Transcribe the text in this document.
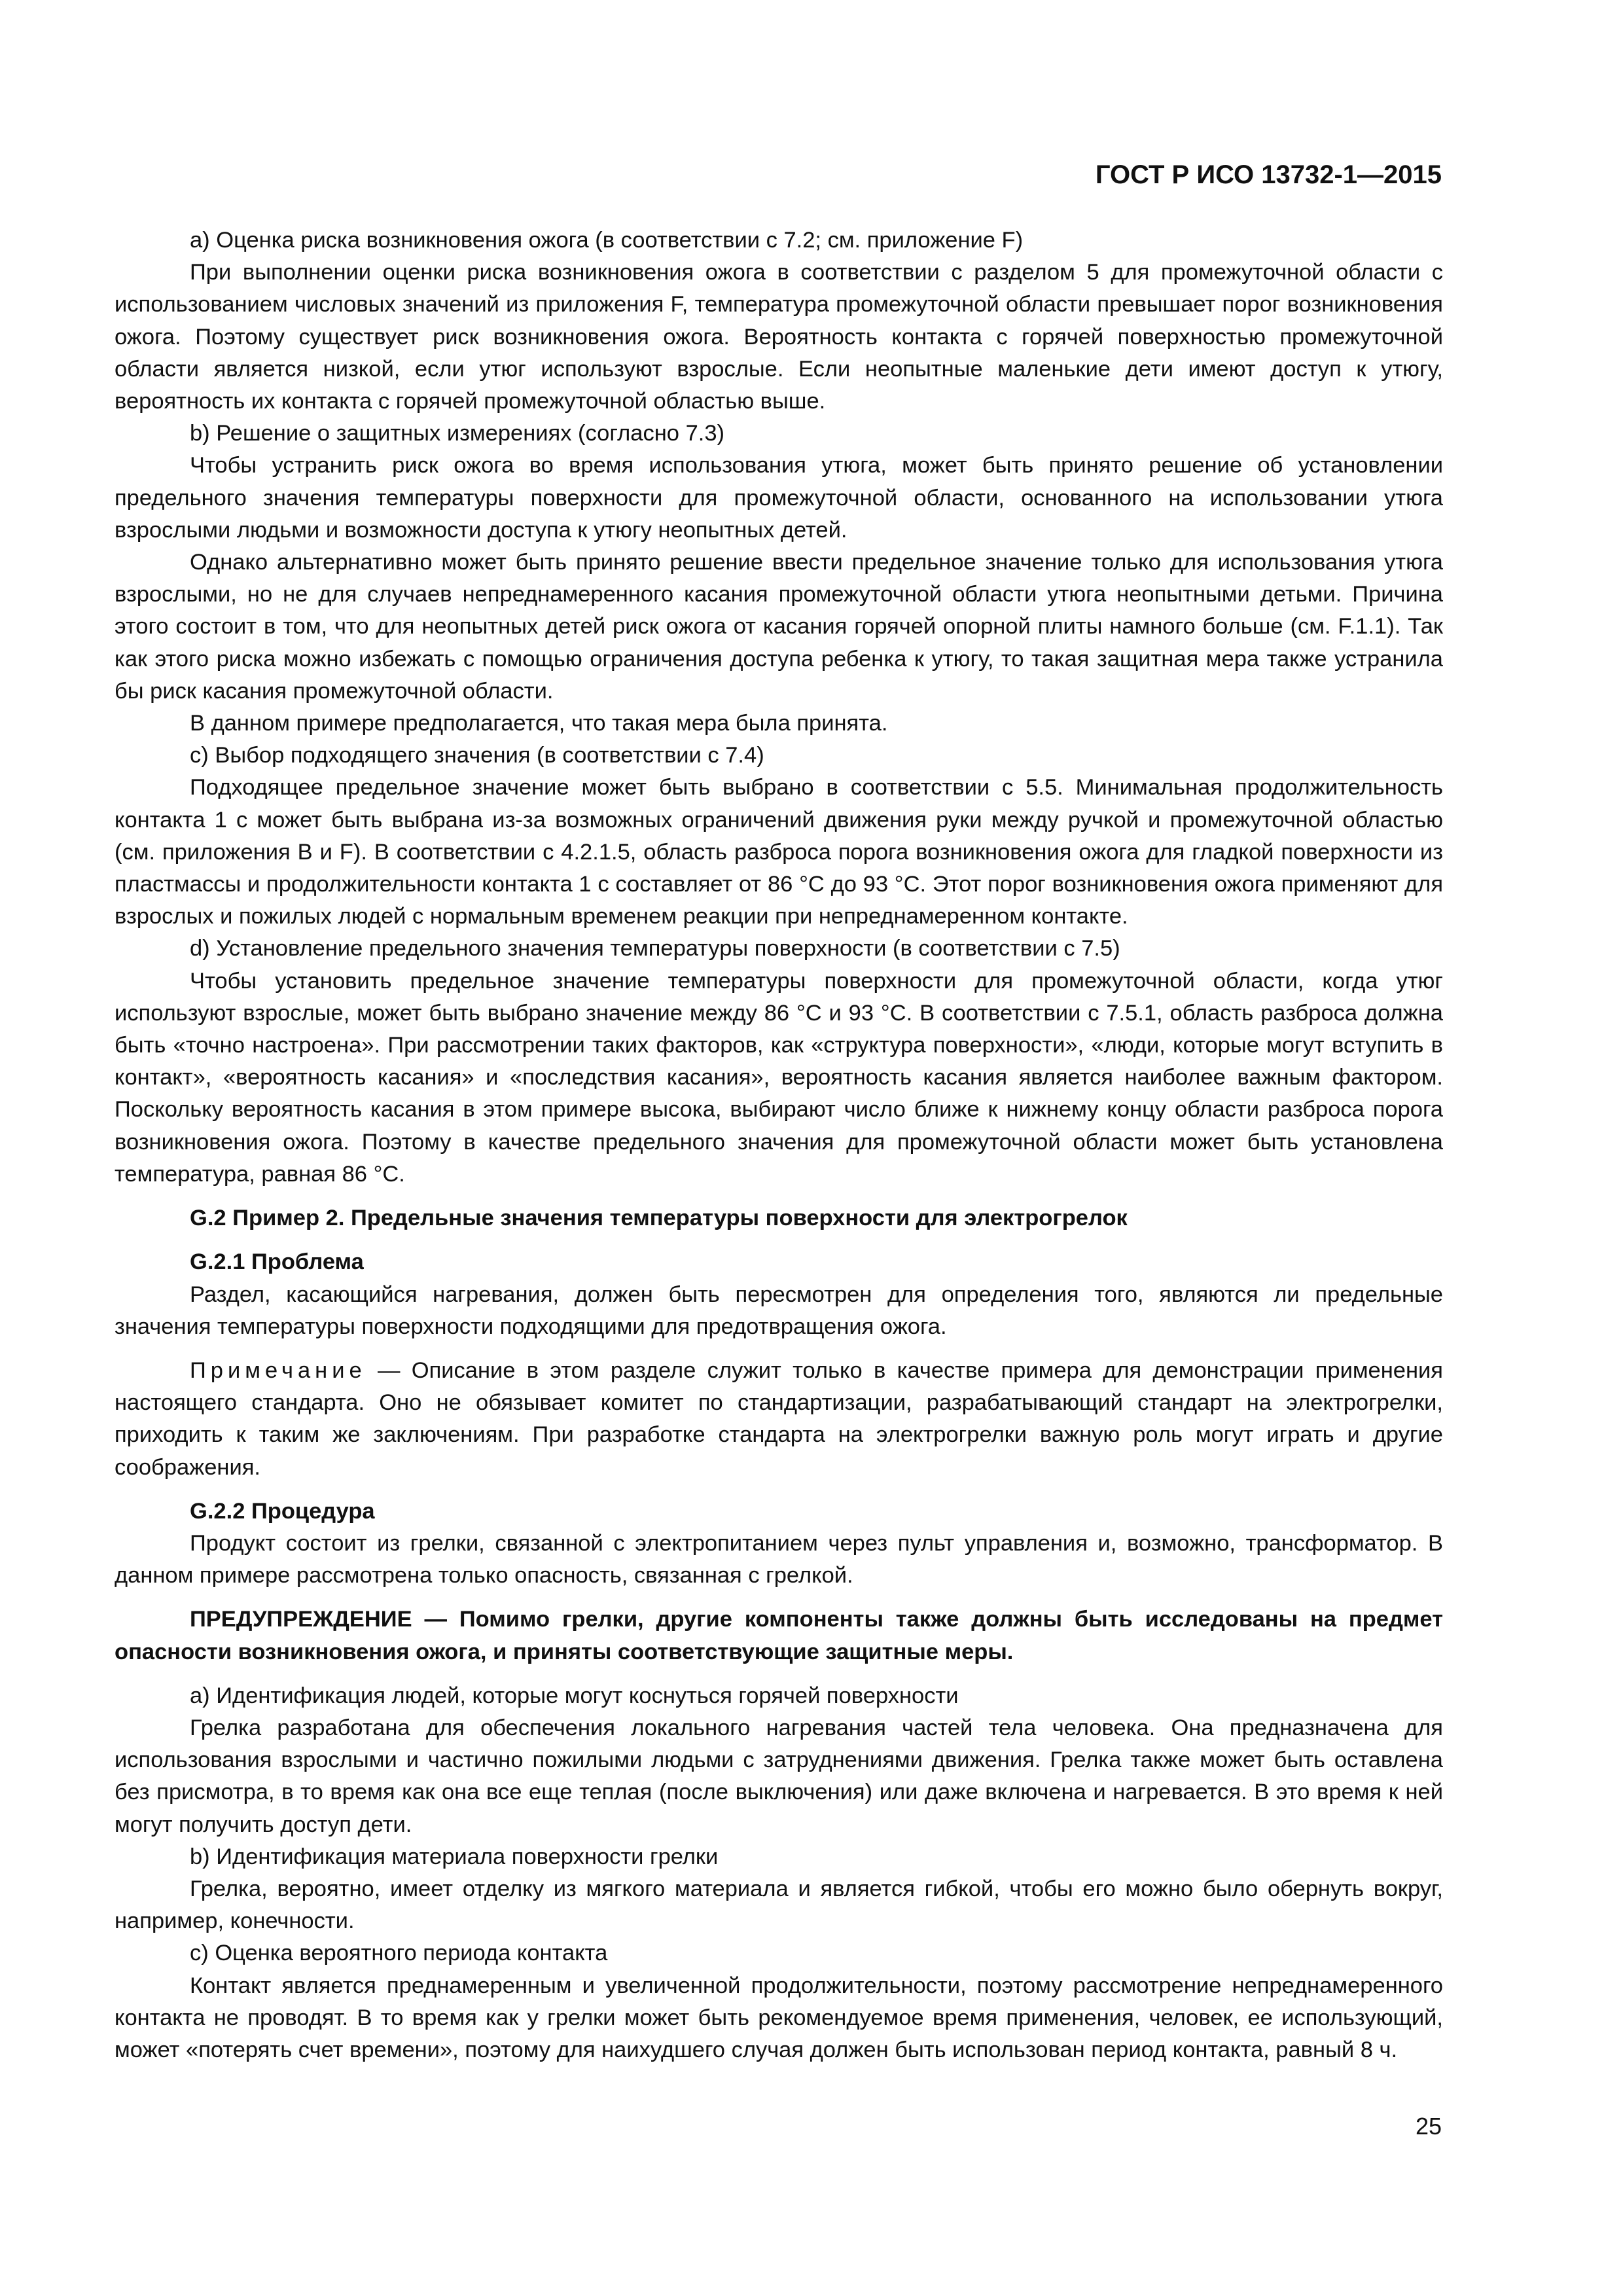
ГОСТ Р ИСО 13732-1—2015

a) Оценка риска возникновения ожога (в соответствии с 7.2; см. приложение F)

При выполнении оценки риска возникновения ожога в соответствии с разделом 5 для промежуточной области с использованием числовых значений из приложения F, температура промежуточной области превышает порог возникновения ожога. Поэтому существует риск возникновения ожога. Вероятность контакта с горячей поверхностью промежуточной области является низкой, если утюг используют взрослые. Если неопытные маленькие дети имеют доступ к утюгу, вероятность их контакта с горячей промежуточной областью выше.

b) Решение о защитных измерениях (согласно 7.3)

Чтобы устранить риск ожога во время использования утюга, может быть принято решение об установлении предельного значения температуры поверхности для промежуточной области, основанного на использовании утюга взрослыми людьми и возможности доступа к утюгу неопытных детей.

Однако альтернативно может быть принято решение ввести предельное значение только для использования утюга взрослыми, но не для случаев непреднамеренного касания промежуточной области утюга неопытными детьми. Причина этого состоит в том, что для неопытных детей риск ожога от касания горячей опорной плиты намного больше (см. F.1.1). Так как этого риска можно избежать с помощью ограничения доступа ребенка к утюгу, то такая защитная мера также устранила бы риск касания промежуточной области.

В данном примере предполагается, что такая мера была принята.

c) Выбор подходящего значения (в соответствии с 7.4)

Подходящее предельное значение может быть выбрано в соответствии с 5.5. Минимальная продолжительность контакта 1 с может быть выбрана из-за возможных ограничений движения руки между ручкой и промежуточной областью (см. приложения В и F). В соответствии с 4.2.1.5, область разброса порога возникновения ожога для гладкой поверхности из пластмассы и продолжительности контакта 1 с составляет от 86 °C до 93 °C. Этот порог возникновения ожога применяют для взрослых и пожилых людей с нормальным временем реакции при непреднамеренном контакте.

d) Установление предельного значения температуры поверхности (в соответствии с 7.5)

Чтобы установить предельное значение температуры поверхности для промежуточной области, когда утюг используют взрослые, может быть выбрано значение между 86 °C и 93 °C. В соответствии с 7.5.1, область разброса должна быть «точно настроена». При рассмотрении таких факторов, как «структура поверхности», «люди, которые могут вступить в контакт», «вероятность касания» и «последствия касания», вероятность касания является наиболее важным фактором. Поскольку вероятность касания в этом примере высока, выбирают число ближе к нижнему концу области разброса порога возникновения ожога. Поэтому в качестве предельного значения для промежуточной области может быть установлена температура, равная 86 °C.

G.2 Пример 2. Предельные значения температуры поверхности для электрогрелок

G.2.1 Проблема

Раздел, касающийся нагревания, должен быть пересмотрен для определения того, являются ли предельные значения температуры поверхности подходящими для предотвращения ожога.

Примечание — Описание в этом разделе служит только в качестве примера для демонстрации применения настоящего стандарта. Оно не обязывает комитет по стандартизации, разрабатывающий стандарт на электрогрелки, приходить к таким же заключениям. При разработке стандарта на электрогрелки важную роль могут играть и другие соображения.

G.2.2 Процедура

Продукт состоит из грелки, связанной с электропитанием через пульт управления и, возможно, трансформатор. В данном примере рассмотрена только опасность, связанная с грелкой.

ПРЕДУПРЕЖДЕНИЕ — Помимо грелки, другие компоненты также должны быть исследованы на предмет опасности возникновения ожога, и приняты соответствующие защитные меры.

a) Идентификация людей, которые могут коснуться горячей поверхности

Грелка разработана для обеспечения локального нагревания частей тела человека. Она предназначена для использования взрослыми и частично пожилыми людьми с затруднениями движения. Грелка также может быть оставлена без присмотра, в то время как она все еще теплая (после выключения) или даже включена и нагревается. В это время к ней могут получить доступ дети.

b) Идентификация материала поверхности грелки

Грелка, вероятно, имеет отделку из мягкого материала и является гибкой, чтобы его можно было обернуть вокруг, например, конечности.

c) Оценка вероятного периода контакта

Контакт является преднамеренным и увеличенной продолжительности, поэтому рассмотрение непреднамеренного контакта не проводят. В то время как у грелки может быть рекомендуемое время применения, человек, ее использующий, может «потерять счет времени», поэтому для наихудшего случая должен быть использован период контакта, равный 8 ч.

25
